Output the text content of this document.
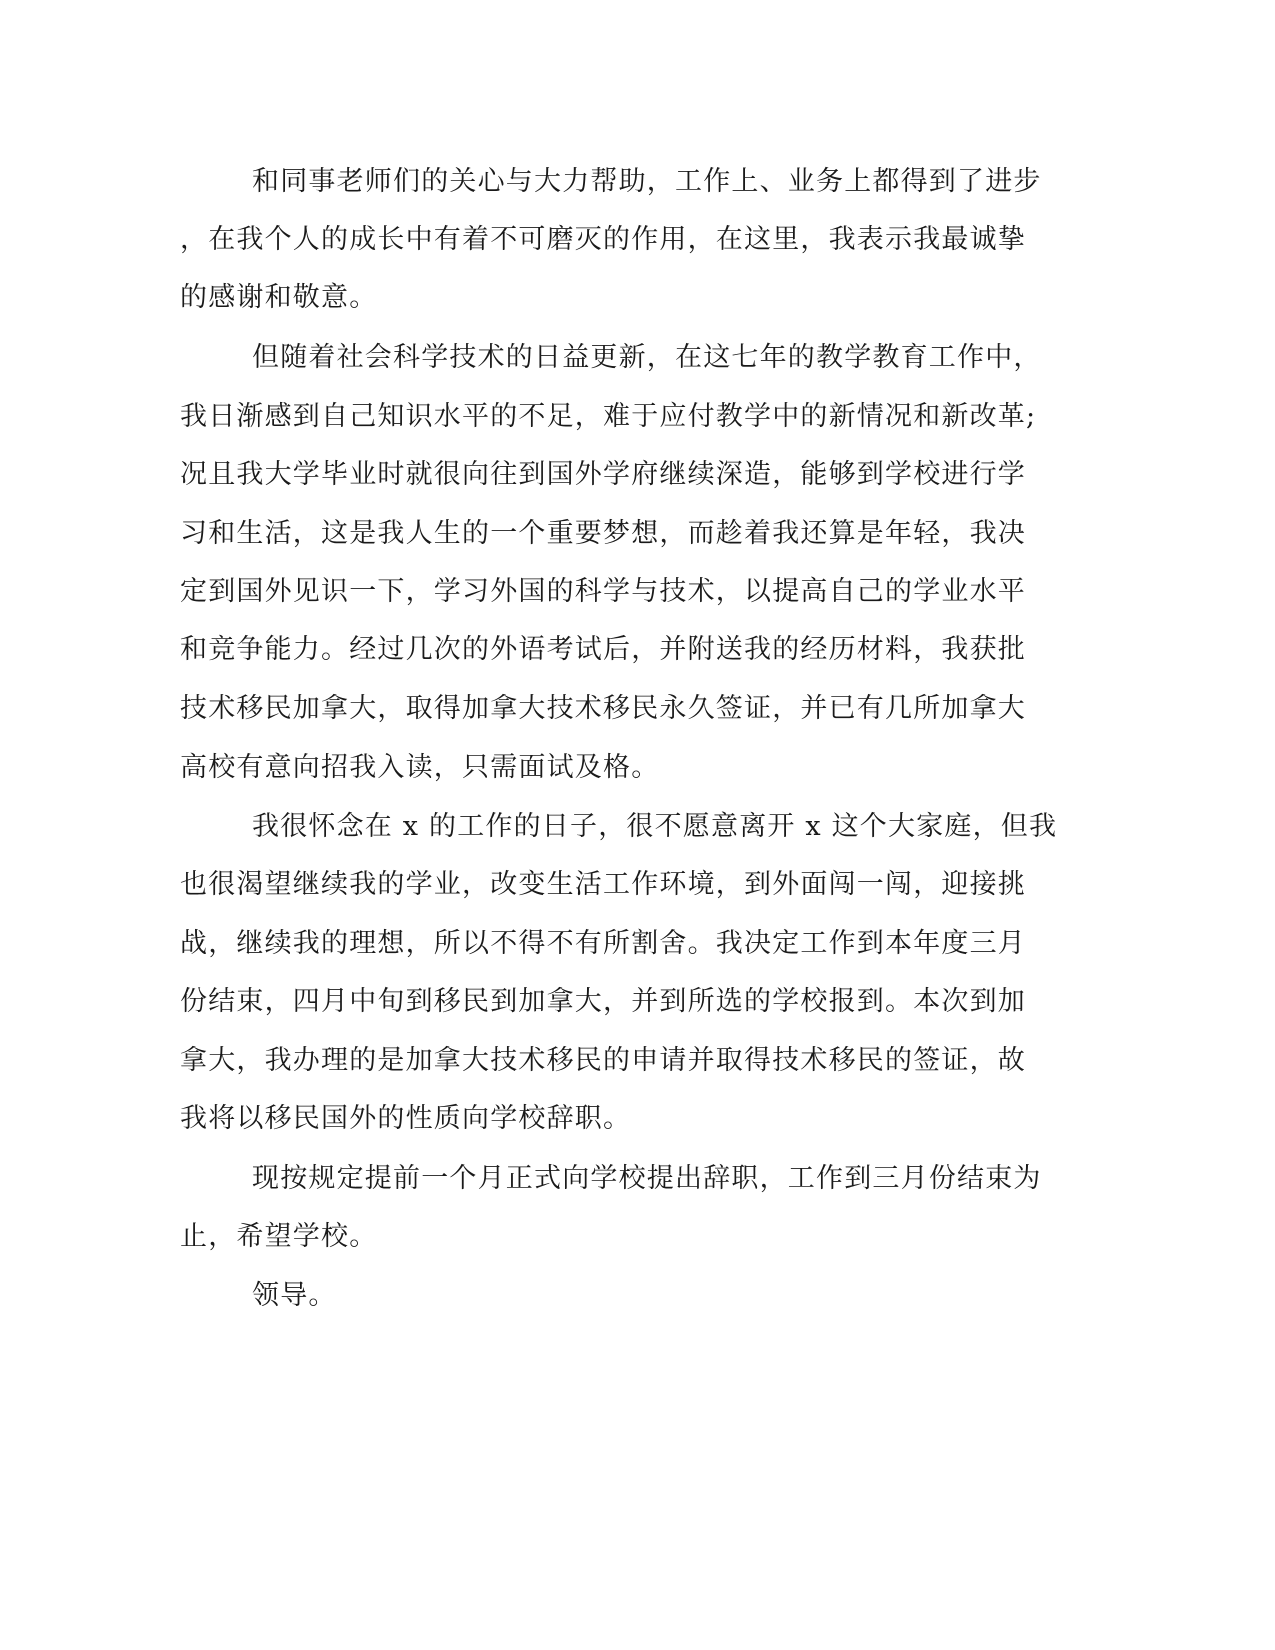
和同事老师们的关心与大力帮助，工作上、业务上都得到了进步
，在我个人的成长中有着不可磨灭的作用，在这里，我表示我最诚挚
的感谢和敬意。
但随着社会科学技术的日益更新，在这七年的教学教育工作中，
我日渐感到自己知识水平的不足，难于应付教学中的新情况和新改革;
况且我大学毕业时就很向往到国外学府继续深造，能够到学校进行学
习和生活，这是我人生的一个重要梦想，而趁着我还算是年轻，我决
定到国外见识一下，学习外国的科学与技术，以提高自己的学业水平
和竞争能力。经过几次的外语考试后，并附送我的经历材料，我获批
技术移民加拿大，取得加拿大技术移民永久签证，并已有几所加拿大
高校有意向招我入读，只需面试及格。
我很怀念在 x 的工作的日子，很不愿意离开 x 这个大家庭，但我
也很渴望继续我的学业，改变生活工作环境，到外面闯一闯，迎接挑
战，继续我的理想，所以不得不有所割舍。我决定工作到本年度三月
份结束，四月中旬到移民到加拿大，并到所选的学校报到。本次到加
拿大，我办理的是加拿大技术移民的申请并取得技术移民的签证，故
我将以移民国外的性质向学校辞职。
现按规定提前一个月正式向学校提出辞职，工作到三月份结束为
止，希望学校。
领导。
